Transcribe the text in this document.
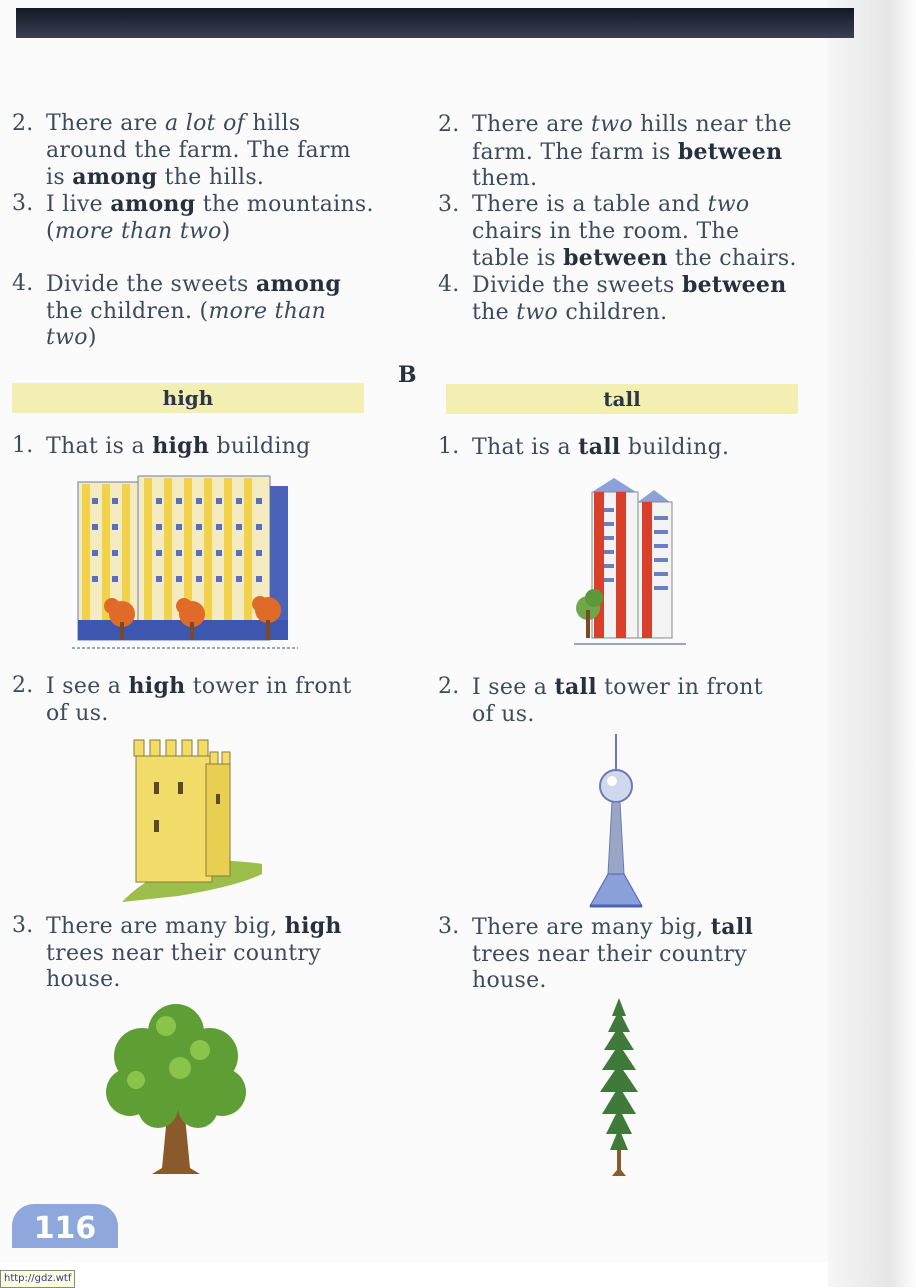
2. There are a lot of hills
around the farm. The farm
is among the hills.
3. I live among the mountains.
(more than two)
4. Divide the sweets among
the children. (more than
two)
2. There are two hills near the
farm. The farm is between
them.
3. There is a table and two
chairs in the room. The
table is between the chairs.
4. Divide the sweets between
the two children.
B
high	tall
1. That is a high building
2. I see a high tower in front
of us.
3. There are many big, high
trees near their country
house.
1. That is a tall building.
2. I see a tall tower in front
of us.
3. There are many big, tall
trees near their country
house.
116
http://gdz.wtf
